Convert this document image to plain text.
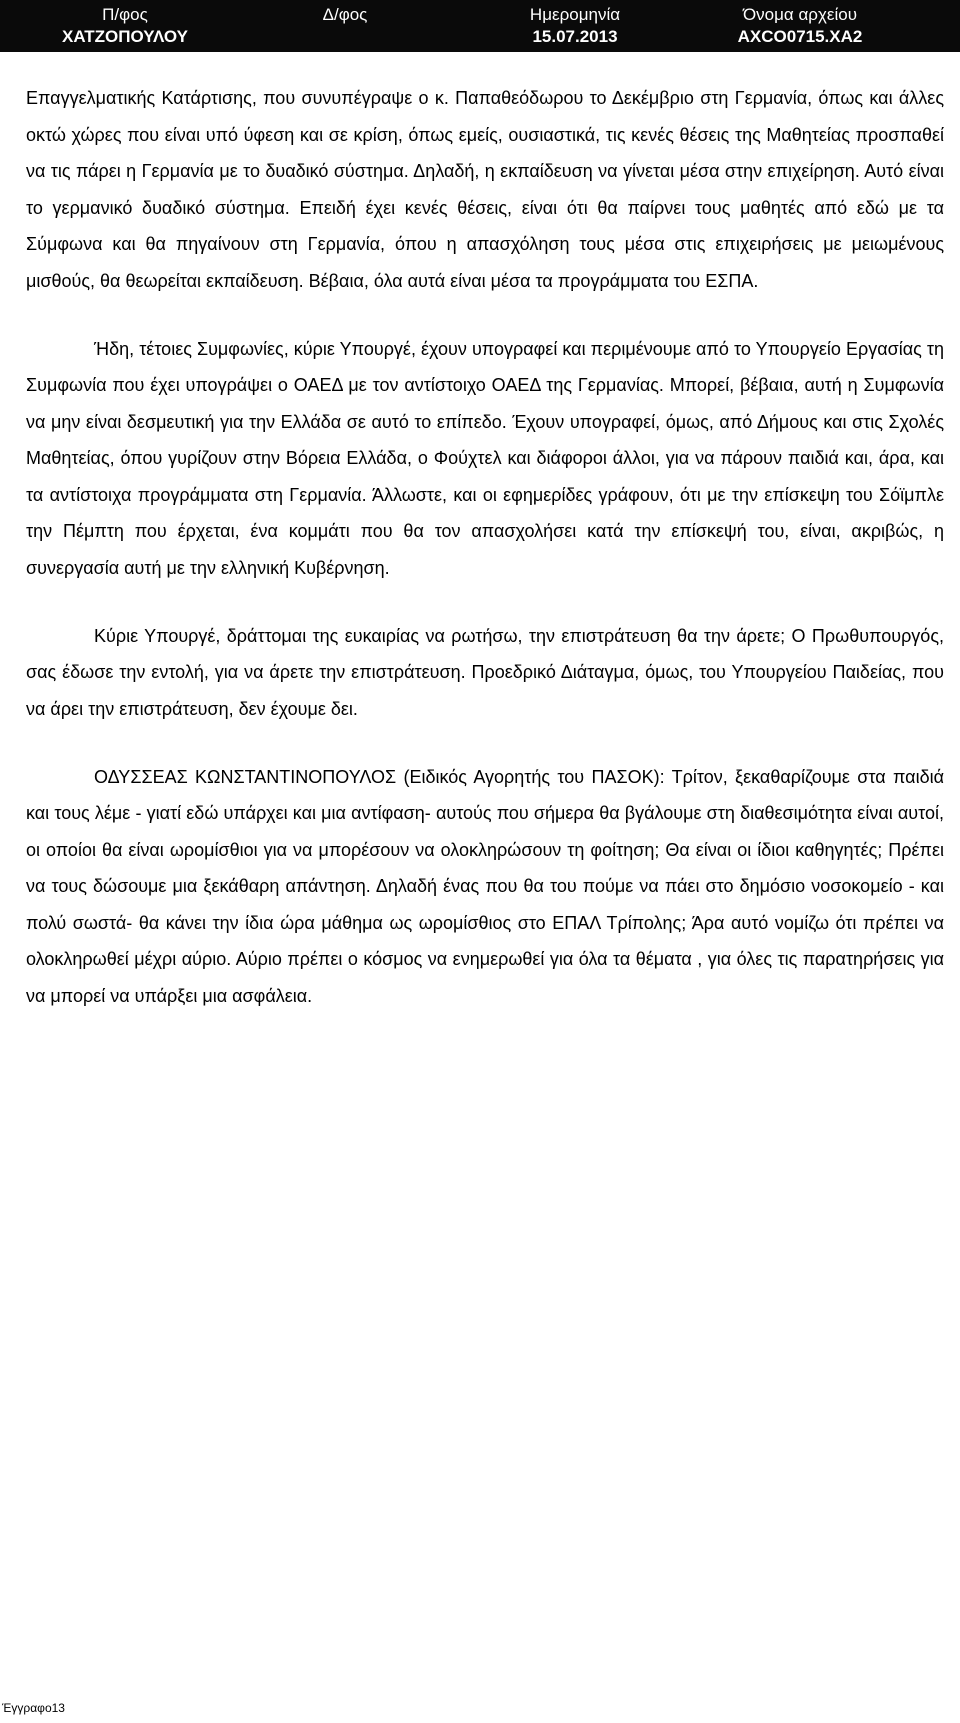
Π/φος
ΧΑΤΖΟΠΟΥΛΟΥ
Δ/φος	Ημερομηνία
15.07.2013
Όνομα αρχείου
AXCO0715.XA2

Επαγγελματικής Κατάρτισης, που συνυπέγραψε ο κ. Παπαθεόδωρου το Δεκέμβριο στη Γερμανία, όπως και άλλες οκτώ χώρες που είναι υπό ύφεση και σε κρίση, όπως εμείς, ουσιαστικά, τις κενές θέσεις της Μαθητείας προσπαθεί να τις πάρει η Γερμανία με το δυαδικό σύστημα. Δηλαδή, η εκπαίδευση να γίνεται μέσα στην επιχείρηση. Αυτό είναι το γερμανικό δυαδικό σύστημα. Επειδή έχει κενές θέσεις, είναι ότι θα παίρνει τους μαθητές από εδώ με τα Σύμφωνα και θα πηγαίνουν στη Γερμανία, όπου η απασχόληση τους μέσα στις επιχειρήσεις με μειωμένους μισθούς, θα θεωρείται εκπαίδευση. Βέβαια, όλα αυτά είναι μέσα τα προγράμματα του ΕΣΠΑ.

Ήδη, τέτοιες Συμφωνίες, κύριε Υπουργέ, έχουν υπογραφεί και περιμένουμε από το Υπουργείο Εργασίας τη Συμφωνία που έχει υπογράψει ο ΟΑΕΔ με τον αντίστοιχο ΟΑΕΔ της Γερμανίας. Μπορεί, βέβαια, αυτή η Συμφωνία να μην είναι δεσμευτική για την Ελλάδα σε αυτό το επίπεδο. Έχουν υπογραφεί, όμως, από Δήμους και στις Σχολές Μαθητείας, όπου γυρίζουν στην Βόρεια Ελλάδα, ο Φούχτελ και διάφοροι άλλοι, για να πάρουν παιδιά και, άρα, και τα αντίστοιχα προγράμματα στη Γερμανία. Άλλωστε, και οι εφημερίδες γράφουν, ότι με την επίσκεψη του Σόϊμπλε την Πέμπτη που έρχεται, ένα κομμάτι που θα τον απασχολήσει κατά την επίσκεψή του, είναι, ακριβώς, η συνεργασία αυτή με την ελληνική Κυβέρνηση.

Κύριε Υπουργέ, δράττομαι της ευκαιρίας να ρωτήσω, την επιστράτευση θα την άρετε; Ο Πρωθυπουργός, σας έδωσε την εντολή, για να άρετε την επιστράτευση. Προεδρικό Διάταγμα, όμως, του Υπουργείου Παιδείας, που να άρει την επιστράτευση, δεν έχουμε δει.

ΟΔΥΣΣΕΑΣ ΚΩΝΣΤΑΝΤΙΝΟΠΟΥΛΟΣ (Ειδικός Αγορητής του ΠΑΣΟΚ): Τρίτον, ξεκαθαρίζουμε στα παιδιά και τους λέμε - γιατί εδώ υπάρχει και μια αντίφαση- αυτούς που σήμερα θα βγάλουμε στη διαθεσιμότητα είναι αυτοί, οι οποίοι θα είναι ωρομίσθιοι για να μπορέσουν να ολοκληρώσουν τη φοίτηση; Θα είναι οι ίδιοι καθηγητές; Πρέπει να τους δώσουμε μια ξεκάθαρη απάντηση. Δηλαδή ένας που θα του πούμε να πάει στο δημόσιο νοσοκομείο - και πολύ σωστά- θα κάνει την ίδια ώρα μάθημα ως ωρομίσθιος στο ΕΠΑΛ Τρίπολης; Άρα αυτό νομίζω ότι πρέπει να ολοκληρωθεί μέχρι αύριο. Αύριο πρέπει ο κόσμος να ενημερωθεί για όλα τα θέματα , για όλες τις παρατηρήσεις για να μπορεί να υπάρξει μια ασφάλεια.

Έγγραφο13
